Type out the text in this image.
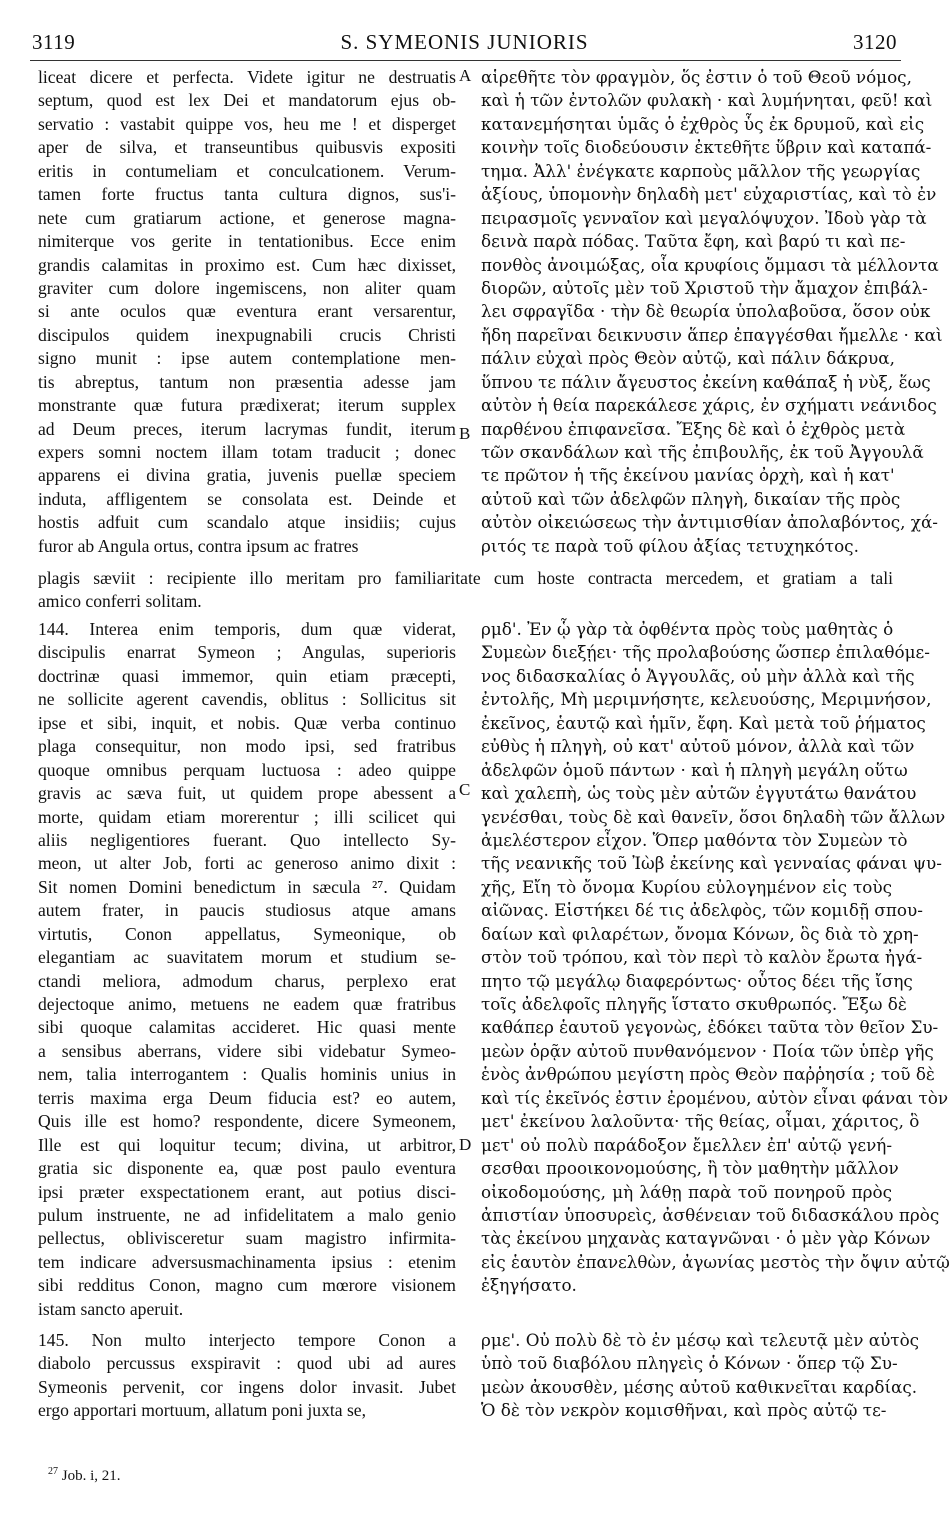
3119	S. SYMEONIS JUNIORIS	3120
liceat dicere et perfecta. Videte igitur ne destruatis
septum, quod est lex Dei et mandatorum ejus ob-
servatio : vastabit quippe vos, heu me ! et disperget
aper de silva, et transeuntibus quibusvis expositi
eritis in contumeliam et conculcationem. Verum-
tamen forte fructus tanta cultura dignos, sus'i-
nete cum gratiarum actione, et generose magna-
nimiterque vos gerite in tentationibus. Ecce enim
grandis calamitas in proximo est. Cum hæc dixisset,
graviter cum dolore ingemiscens, non aliter quam
si ante oculos quæ eventura erant versarentur,
discipulos quidem inexpugnabili crucis Christi
signo munit : ipse autem contemplatione men-
tis abreptus, tantum non præsentia adesse jam
monstrante quæ futura prædixerat; iterum supplex
ad Deum preces, iterum lacrymas fundit, iterum
expers somni noctem illam totam traducit ; donec
apparens ei divina gratia, juvenis puellæ speciem
induta, affligentem se consolata est. Deinde et
hostis adfuit cum scandalo atque insidiis; cujus
furor ab Angula ortus, contra ipsum ac fratres
αἱρεθῆτε τὸν φραγμὸν, ὅς ἐστιν ὁ τοῦ Θεοῦ νόμος,
καὶ ἡ τῶν ἐντολῶν φυλακὴ · καὶ λυμήνηται, φεῦ! καὶ
κατανεμήσηται ὑμᾶς ὁ ἐχθρὸς ὗς ἐκ δρυμοῦ, καὶ εἰς
κοινὴν τοῖς διοδεύουσιν ἐκτεθῆτε ὕβριν καὶ καταπά-
τημα. Ἀλλ' ἐνέγκατε καρποὺς μᾶλλον τῆς γεωργίας
ἀξίους, ὑπομονὴν δηλαδὴ μετ' εὐχαριστίας, καὶ τὸ ἐν
πειρασμοῖς γενναῖον καὶ μεγαλόψυχον. Ἰδοὺ γὰρ τὰ
δεινὰ παρὰ πόδας. Ταῦτα ἔφη, καὶ βαρύ τι καὶ πε-
πονθὸς ἀνοιμώξας, οἷα κρυφίοις ὄμμασι τὰ μέλλοντα
διορῶν, αὐτοῖς μὲν τοῦ Χριστοῦ τὴν ἄμαχον ἐπιβάλ-
λει σφραγῖδα · τὴν δὲ θεωρία ὑπολαβοῦσα, ὅσον οὐκ
ἤδη παρεῖναι δεικνυσιν ἅπερ ἐπαγγέσθαι ἤμελλε · καὶ
πάλιν εὐχαὶ πρὸς Θεὸν αὐτῷ, καὶ πάλιν δάκρυα,
ὕπνου τε πάλιν ἄγευστος ἐκείνη καθάπαξ ἡ νὺξ, ἕως
αὐτὸν ἡ θεία παρεκάλεσε χάρις, ἐν σχήματι νεάνιδος
παρθένου ἐπιφανεῖσα. Ἔξης δὲ καὶ ὁ ἐχθρὸς μετὰ
τῶν σκανδάλων καὶ τῆς ἐπιβουλῆς, ἐκ τοῦ Ἀγγουλᾶ
τε πρῶτον ἡ τῆς ἐκείνου μανίας ὀρχὴ, καὶ ἡ κατ'
αὐτοῦ καὶ τῶν ἀδελφῶν πληγὴ, δικαίαν τῆς πρὸς
αὐτὸν οἰκειώσεως τὴν ἀντιμισθίαν ἀπολαβόντος, χά-
ριτός τε παρὰ τοῦ φίλου ἀξίας τετυχηκότος.
plagis sæviit : recipiente illo meritam pro familiaritate cum hoste contracta mercedem, et gratiam a tali
amico conferri solitam.
144. Interea enim temporis, dum quæ viderat,
discipulis enarrat Symeon ; Angulas, superioris
doctrinæ quasi immemor, quin etiam præcepti,
ne sollicite agerent cavendis, oblitus : Sollicitus sit
ipse et sibi, inquit, et nobis. Quæ verba continuo
plaga consequitur, non modo ipsi, sed fratribus
quoque omnibus perquam luctuosa : adeo quippe
gravis ac sæva fuit, ut quidem prope abessent a
morte, quidam etiam morerentur ; illi scilicet qui
aliis negligentiores fuerant. Quo intellecto Sy-
meon, ut alter Job, forti ac generoso animo dixit :
Sit nomen Domini benedictum in sæcula ²⁷. Quidam
autem frater, in paucis studiosus atque amans
virtutis, Conon appellatus, Symeonique, ob
elegantiam ac suavitatem morum et studium se-
ctandi meliora, admodum charus, perplexo erat
dejectoque animo, metuens ne eadem quæ fratribus
sibi quoque calamitas accideret. Hic quasi mente
a sensibus aberrans, videre sibi videbatur Symeo-
nem, talia interrogantem : Qualis hominis unius in
terris maxima erga Deum fiducia est? eo autem,
Quis ille est homo? respondente, dicere Symeonem,
Ille est qui loquitur tecum; divina, ut arbitror,
gratia sic disponente ea, quæ post paulo eventura
ipsi præter exspectationem erant, aut potius disci-
pulum instruente, ne ad infidelitatem a malo genio
pellectus, oblivisceretur suam magistro infirmita-
tem indicare adversusmachinamenta ipsius : etenim
sibi redditus Conon, magno cum mœrore visionem
istam sancto aperuit.
ρμδ'. Ἐν ᾧ γὰρ τὰ ὀφθέντα πρὸς τοὺς μαθητὰς ὁ
Συμεὼν διεξῄει· τῆς προλαβούσης ὥσπερ ἐπιλαθόμε-
νος διδασκαλίας ὁ Ἀγγουλᾶς, οὐ μὴν ἀλλὰ καὶ τῆς
ἐντολῆς, Μὴ μεριμνήσητε, κελευούσης, Μεριμνήσον,
ἐκεῖνος, ἑαυτῷ καὶ ἡμῖν, ἔφη. Καὶ μετὰ τοῦ ῥήματος
εὐθὺς ἡ πληγὴ, οὐ κατ' αὐτοῦ μόνον, ἀλλὰ καὶ τῶν
ἀδελφῶν ὁμοῦ πάντων · καὶ ἡ πληγὴ μεγάλη οὕτω
καὶ χαλεπὴ, ὡς τοὺς μὲν αὐτῶν ἐγγυτάτω θανάτου
γενέσθαι, τοὺς δὲ καὶ θανεῖν, ὅσοι δηλαδὴ τῶν ἄλλων
ἀμελέστερον εἶχον. Ὅπερ μαθόντα τὸν Συμεὼν τὸ
τῆς νεανικῆς τοῦ Ἰὼβ ἐκείνης καὶ γενναίας φάναι ψυ-
χῆς, Εἴη τὸ ὄνομα Κυρίου εὐλογημένον εἰς τοὺς
αἰῶνας. Εἱστήκει δέ τις ἀδελφὸς, τῶν κομιδῇ σπου-
δαίων καὶ φιλαρέτων, ὄνομα Κόνων, ὃς διὰ τὸ χρη-
στὸν τοῦ τρόπου, καὶ τὸν περὶ τὸ καλὸν ἔρωτα ἠγά-
πητο τῷ μεγάλῳ διαφερόντως· οὗτος δέει τῆς ἴσης
τοῖς ἀδελφοῖς πληγῆς ἵστατο σκυθρωπός. Ἔξω δὲ
καθάπερ ἑαυτοῦ γεγονὼς, ἐδόκει ταῦτα τὸν θεῖον Συ-
μεὼν ὁρᾷν αὐτοῦ πυνθανόμενον · Ποία τῶν ὑπὲρ γῆς
ἑνὸς ἀνθρώπου μεγίστη πρὸς Θεὸν παῤῥησία ; τοῦ δὲ
καὶ τίς ἐκεῖνός ἐστιν ἐρομένου, αὐτὸν εἶναι φάναι τὸν
μετ' ἐκείνου λαλοῦντα· τῆς θείας, οἶμαι, χάριτος, ὃ
μετ' οὐ πολὺ παράδοξον ἔμελλεν ἐπ' αὐτῷ γενή-
σεσθαι προοικονομούσης, ἢ τὸν μαθητὴν μᾶλλον
οἰκοδομούσης, μὴ λάθῃ παρὰ τοῦ πονηροῦ πρὸς
ἀπιστίαν ὑποσυρεὶς, ἀσθένειαν τοῦ διδασκάλου πρὸς
τὰς ἐκείνου μηχανὰς καταγνῶναι · ὁ μὲν γὰρ Κόνων
εἰς ἑαυτὸν ἐπανελθὼν, ἀγωνίας μεστὸς τὴν ὄψιν αὐτῷ
ἐξηγήσατο.
145. Non multo interjecto tempore Conon a
diabolo percussus exspiravit : quod ubi ad aures
Symeonis pervenit, cor ingens dolor invasit. Jubet
ergo apportari mortuum, allatum poni juxta se,
ρμε'. Οὐ πολὺ δὲ τὸ ἐν μέσῳ καὶ τελευτᾷ μὲν αὐτὸς
ὑπὸ τοῦ διαβόλου πληγεὶς ὁ Κόνων · ὅπερ τῷ Συ-
μεὼν ἀκουσθὲν, μέσης αὐτοῦ καθικνεῖται καρδίας.
Ὁ δὲ τὸν νεκρὸν κομισθῆναι, καὶ πρὸς αὐτῷ τε-
A
B
C
D
$^{27}$ Job. i, 21.
